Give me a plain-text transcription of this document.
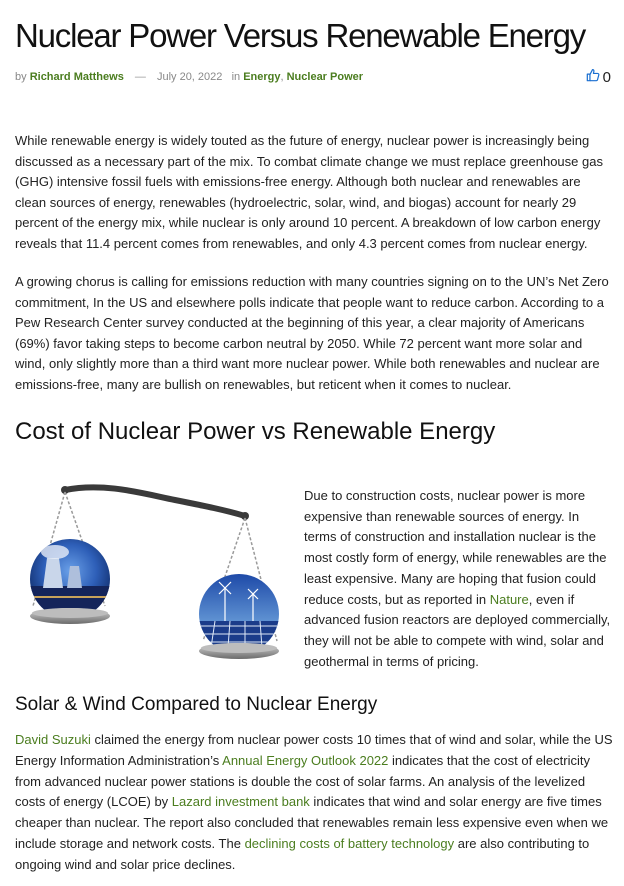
Nuclear Power Versus Renewable Energy
by Richard Matthews — July 20, 2022 in Energy, Nuclear Power	0

While renewable energy is widely touted as the future of energy, nuclear power is increasingly being discussed as a necessary part of the mix. To combat climate change we must replace greenhouse gas (GHG) intensive fossil fuels with emissions-free energy. Although both nuclear and renewables are clean sources of energy, renewables (hydroelectric, solar, wind, and biogas) account for nearly 29 percent of the energy mix, while nuclear is only around 10 percent. A breakdown of low carbon energy reveals that 11.4 percent comes from renewables, and only 4.3 percent comes from nuclear energy.

A growing chorus is calling for emissions reduction with many countries signing on to the UN’s Net Zero commitment, In the US and elsewhere polls indicate that people want to reduce carbon. According to a Pew Research Center survey conducted at the beginning of this year, a clear majority of Americans (69%) favor taking steps to become carbon neutral by 2050. While 72 percent want more solar and wind, only slightly more than a third want more nuclear power. While both renewables and nuclear are emissions-free, many are bullish on renewables, but reticent when it comes to nuclear.

Cost of Nuclear Power vs Renewable Energy
Solar & Wind Compared to Nuclear Energy

David Suzuki claimed the energy from nuclear power costs 10 times that of wind and solar, while the US Energy Information Administration’s Annual Energy Outlook 2022 indicates that the cost of electricity from advanced nuclear power stations is double the cost of solar farms. An analysis of the levelized costs of energy (LCOE) by Lazard investment bank indicates that wind and solar energy are five times cheaper than nuclear. The report also concluded that renewables remain less expensive even when we include storage and network costs. The declining costs of battery technology are also contributing to ongoing wind and solar price declines.

Due to construction costs, nuclear power is more expensive than renewable sources of energy. In terms of construction and installation nuclear is the most costly form of energy, while renewables are the least expensive. Many are hoping that fusion could reduce costs, but as reported in Nature, even if advanced fusion reactors are deployed commercially, they will not be able to compete with wind, solar and geothermal in terms of pricing.
